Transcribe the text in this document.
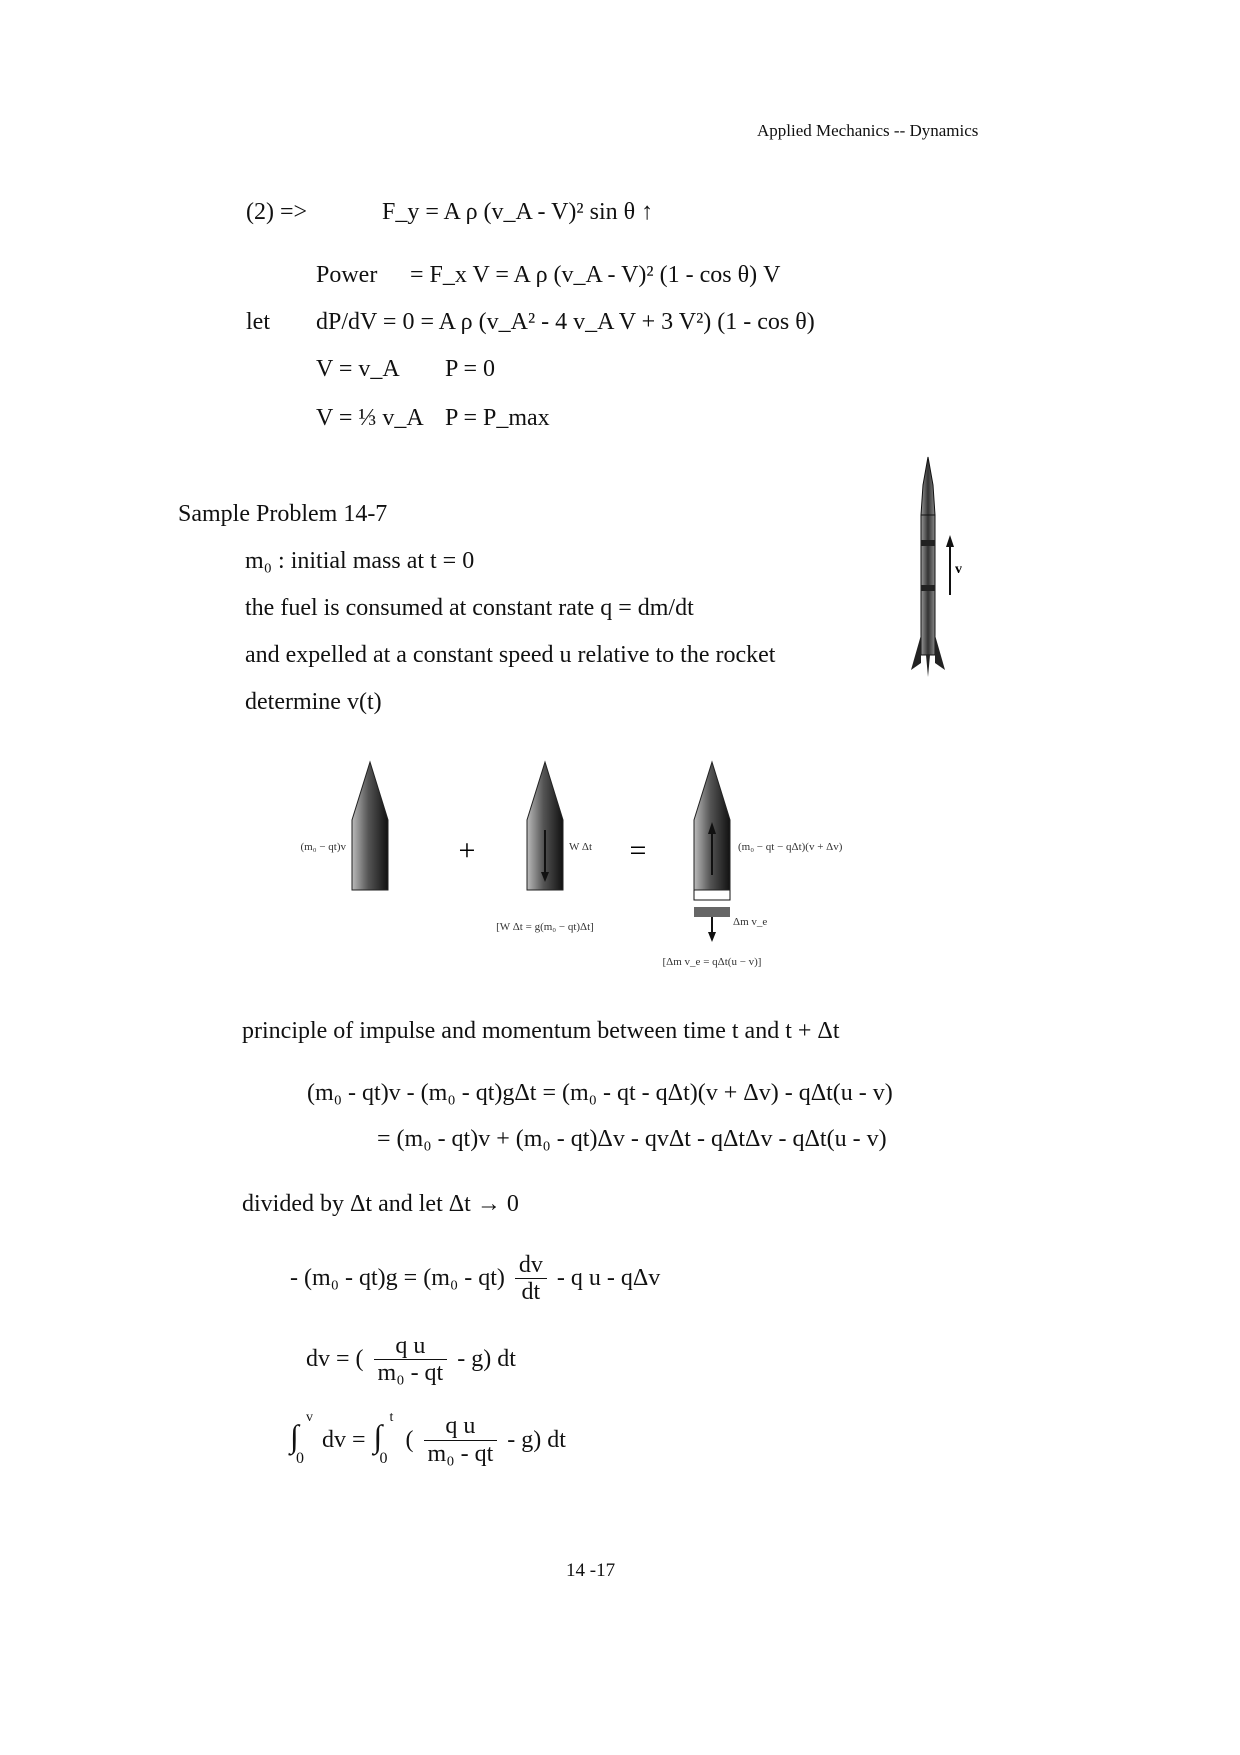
Applied Mechanics -- Dynamics
(2) =>	F_y = A ρ (v_A - V)² sin θ ↑
Power = F_x V = A ρ (v_A - V)² (1 - cos θ) V
let dP/dV = 0 = A ρ (v_A² - 4 v_A V + 3 V²) (1 - cos θ)
V = v_A P = 0
V = ⅓ v_A P = P_max
Sample Problem 14-7
m₀ : initial mass at t = 0
the fuel is consumed at constant rate q = dm/dt
and expelled at a constant speed u relative to the rocket
determine v(t)
v
(m₀ − qt)v	+	W Δt
[W Δt = g(m₀ − qt)Δt]
=	(m₀ − qt − qΔt)(v + Δv)
Δm v_e
[Δm v_e = qΔt(u − v)]
principle of impulse and momentum between time t and t + Δt
(m₀ - qt)v - (m₀ - qt)gΔt = (m₀ - qt - qΔt)(v + Δv) - qΔt(u - v)
= (m₀ - qt)v + (m₀ - qt)Δv - qvΔt - qΔtΔv - qΔt(u - v)
divided by Δt and let Δt → 0
- $(m_0 - qt)g = (m_0 - qt) \frac{dv}{dt} - q$ u - qΔv
dv = ( $\frac{\text{q u}}{\text{m₀ - qt}} - g$) dt
∫
v
0
dv = ∫
t
0
( $\frac{\text{q u}}{\text{m₀ - qt}} - g$) dt
14 -17
